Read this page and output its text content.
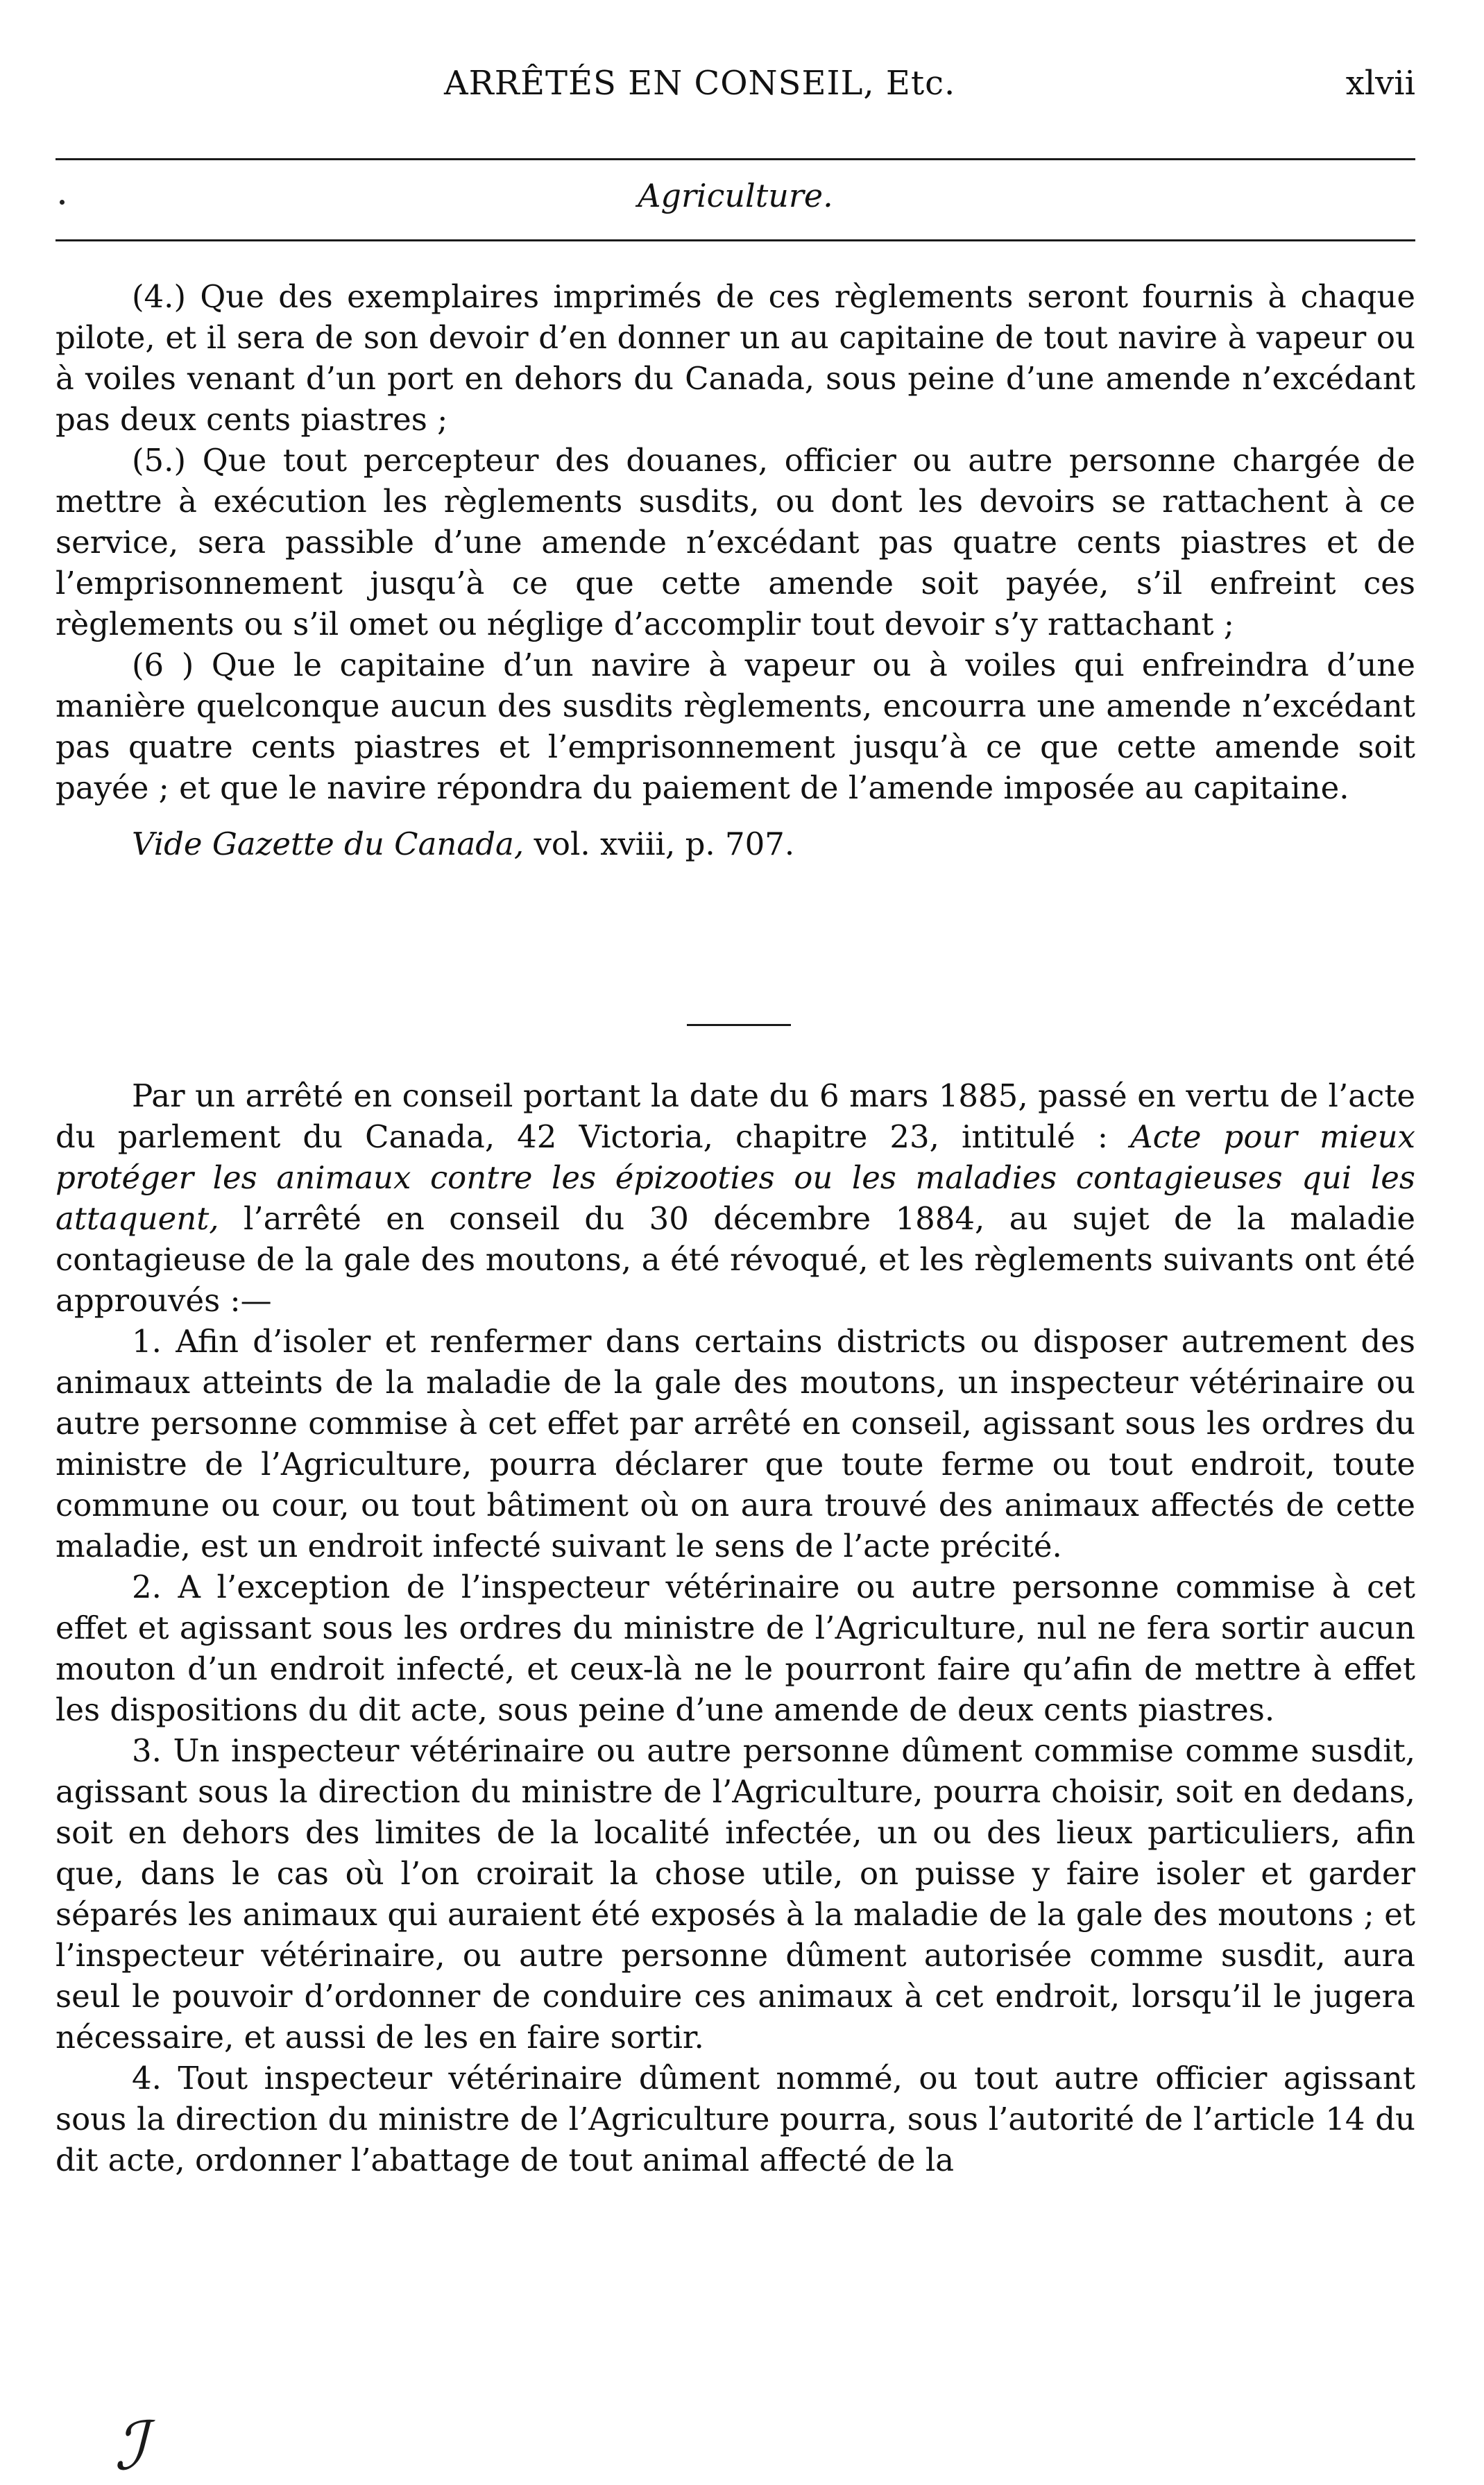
ARRÊTÉS EN CONSEIL, Etc.	xlvii
Agriculture.

(4.) Que des exemplaires imprimés de ces règlements seront fournis à chaque pilote, et il sera de son devoir d’en donner un au capitaine de tout navire à vapeur ou à voiles venant d’un port en dehors du Canada, sous peine d’une amende n’excédant pas deux cents piastres ;

(5.) Que tout percepteur des douanes, officier ou autre personne chargée de mettre à exécution les règlements susdits, ou dont les devoirs se rattachent à ce service, sera passible d’une amende n’excédant pas quatre cents piastres et de l’emprisonnement jusqu’à ce que cette amende soit payée, s’il enfreint ces règlements ou s’il omet ou néglige d’accomplir tout devoir s’y rattachant ;

(6 ) Que le capitaine d’un navire à vapeur ou à voiles qui enfreindra d’une manière quelconque aucun des susdits règlements, encourra une amende n’excédant pas quatre cents piastres et l’emprisonnement jusqu’à ce que cette amende soit payée ; et que le navire répondra du paiement de l’amende imposée au capitaine.

Vide Gazette du Canada, vol. xviii, p. 707.

Par un arrêté en conseil portant la date du 6 mars 1885, passé en vertu de l’acte du parlement du Canada, 42 Victoria, chapitre 23, intitulé : Acte pour mieux protéger les animaux contre les épizooties ou les maladies contagieuses qui les attaquent, l’arrêté en conseil du 30 décembre 1884, au sujet de la maladie contagieuse de la gale des moutons, a été révoqué, et les règlements suivants ont été approuvés :—

1. Afin d’isoler et renfermer dans certains districts ou disposer autrement des animaux atteints de la maladie de la gale des moutons, un inspecteur vétérinaire ou autre personne commise à cet effet par arrêté en conseil, agissant sous les ordres du ministre de l’Agriculture, pourra déclarer que toute ferme ou tout endroit, toute commune ou cour, ou tout bâtiment où on aura trouvé des animaux affectés de cette maladie, est un endroit infecté suivant le sens de l’acte précité.

2. A l’exception de l’inspecteur vétérinaire ou autre personne commise à cet effet et agissant sous les ordres du ministre de l’Agriculture, nul ne fera sortir aucun mouton d’un endroit infecté, et ceux-là ne le pourront faire qu’afin de mettre à effet les dispositions du dit acte, sous peine d’une amende de deux cents piastres.

3. Un inspecteur vétérinaire ou autre personne dûment commise comme susdit, agissant sous la direction du ministre de l’Agriculture, pourra choisir, soit en dedans, soit en dehors des limites de la localité infectée, un ou des lieux particuliers, afin que, dans le cas où l’on croirait la chose utile, on puisse y faire isoler et garder séparés les animaux qui auraient été exposés à la maladie de la gale des moutons ; et l’inspecteur vétérinaire, ou autre personne dûment autorisée comme susdit, aura seul le pouvoir d’ordonner de conduire ces animaux à cet endroit, lorsqu’il le jugera nécessaire, et aussi de les en faire sortir.

4. Tout inspecteur vétérinaire dûment nommé, ou tout autre officier agissant sous la direction du ministre de l’Agriculture pourra, sous l’autorité de l’article 14 du dit acte, ordonner l’abattage de tout animal affecté de la

ℐ
